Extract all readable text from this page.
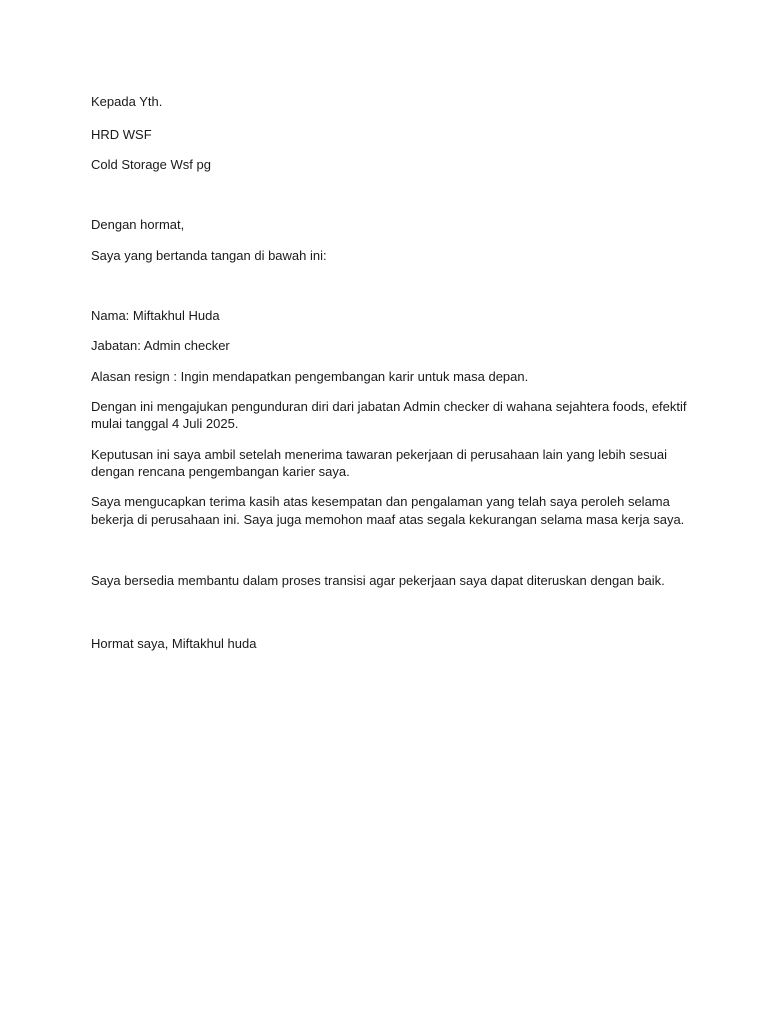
Kepada Yth.

HRD WSF

Cold Storage Wsf pg

Dengan hormat,

Saya yang bertanda tangan di bawah ini:

Nama: Miftakhul Huda

Jabatan: Admin checker

Alasan resign : Ingin mendapatkan pengembangan karir untuk masa depan.

Dengan ini mengajukan pengunduran diri dari jabatan Admin checker di wahana sejahtera foods, efektif

mulai tanggal 4 Juli 2025.

Keputusan ini saya ambil setelah menerima tawaran pekerjaan di perusahaan lain yang lebih sesuai

dengan rencana pengembangan karier saya.

Saya mengucapkan terima kasih atas kesempatan dan pengalaman yang telah saya peroleh selama

bekerja di perusahaan ini. Saya juga memohon maaf atas segala kekurangan selama masa kerja saya.

Saya bersedia membantu dalam proses transisi agar pekerjaan saya dapat diteruskan dengan baik.

Hormat saya, Miftakhul huda
